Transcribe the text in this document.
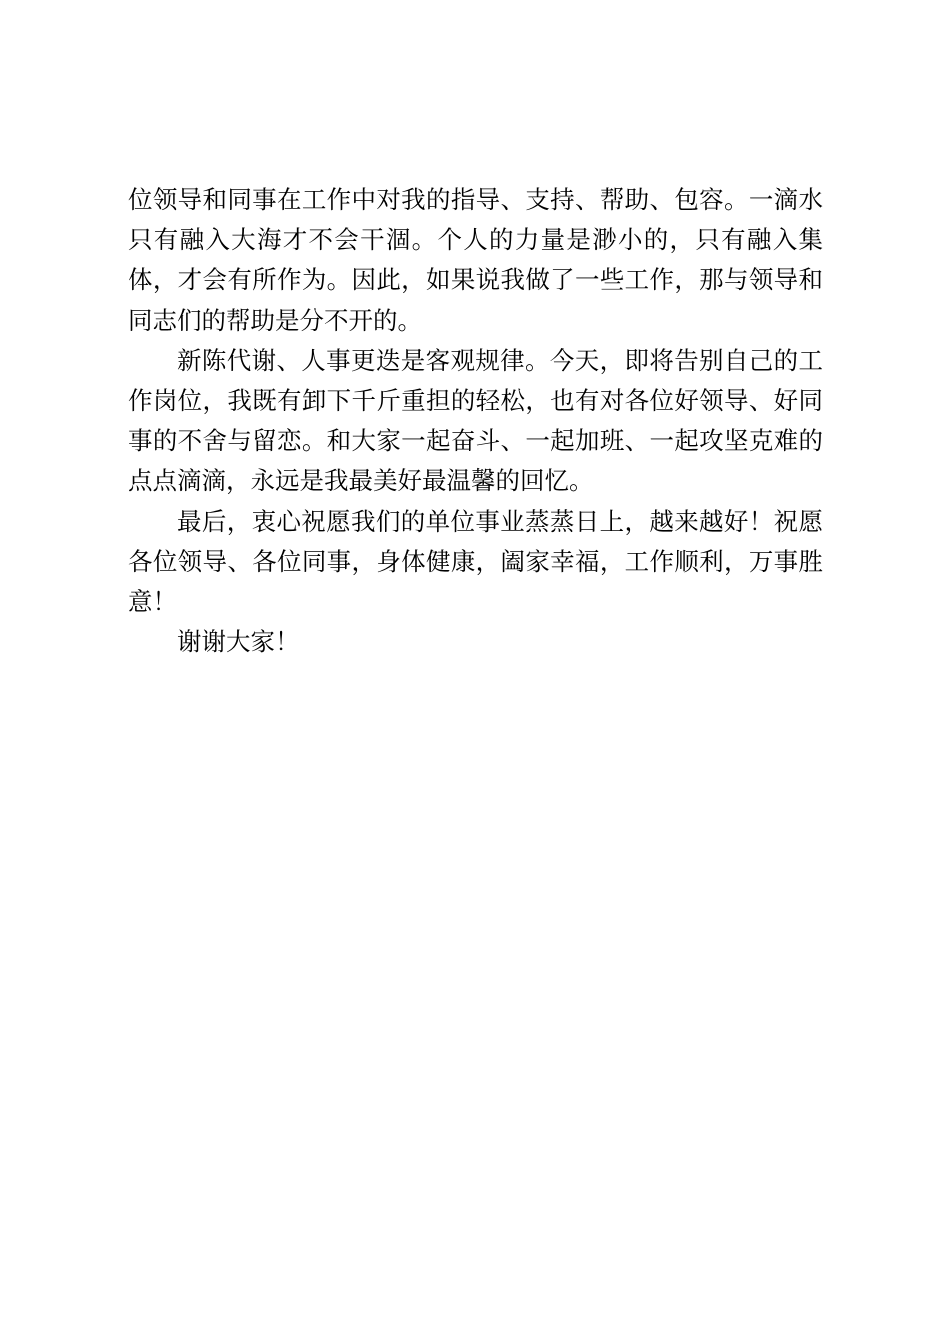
位领导和同事在工作中对我的指导、支持、帮助、包容。一滴水只有融入大海才不会干涸。个人的力量是渺小的，只有融入集体，才会有所作为。因此，如果说我做了一些工作，那与领导和同志们的帮助是分不开的。

新陈代谢、人事更迭是客观规律。今天，即将告别自己的工作岗位，我既有卸下千斤重担的轻松，也有对各位好领导、好同事的不舍与留恋。和大家一起奋斗、一起加班、一起攻坚克难的点点滴滴，永远是我最美好最温馨的回忆。

最后，衷心祝愿我们的单位事业蒸蒸日上，越来越好！祝愿各位领导、各位同事，身体健康，阖家幸福，工作顺利，万事胜意！

谢谢大家！
